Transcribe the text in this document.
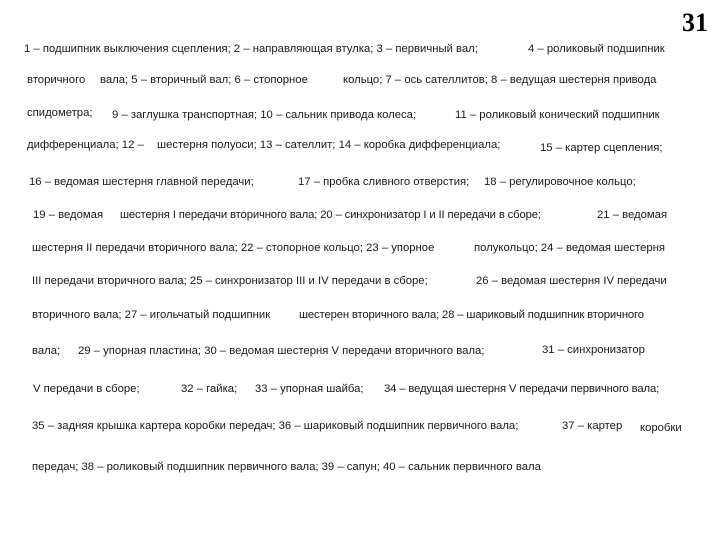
31
1 – подшипник выключения сцепления; 2 – направляющая втулка; 3 – первичный вал;	4 – роликовый подшипник
вторичного вала; 5 – вторичный вал; 6 – стопорное	кольцо; 7 – ось сателлитов; 8 – ведущая шестерня привода
спидометра; 9 – заглушка транспортная; 10 – сальник привода колеса;	11 – роликовый конический подшипник
дифференциала; 12 – шестерня полуоси; 13 – сателлит; 14 – коробка дифференциала;	15 – картер сцепления;
16 – ведомая шестерня главной передачи;	17 – пробка сливного отверстия; 18 – регулировочное кольцо;
19 – ведомая шестерня I передачи вторичного вала; 20 – синхронизатор I и II передачи в сборе;	21 – ведомая
шестерня II передачи вторичного вала; 22 – стопорное кольцо; 23 – упорное	полукольцо; 24 – ведомая шестерня
III передачи вторичного вала; 25 – синхронизатор III и IV передачи в сборе;	26 – ведомая шестерня IV передачи
вторичного вала; 27 – игольчатый подшипник	шестерен вторичного вала; 28 – шариковый подшипник вторичного
вала; 29 – упорная пластина; 30 – ведомая шестерня V передачи вторичного вала;	31 – синхронизатор
V передачи в сборе;	32 – гайка; 33 – упорная шайба; 34 – ведущая шестерня V передачи первичного вала;
35 – задняя крышка картера коробки передач; 36 – шариковый подшипник первичного вала;	37 – картер коробки
передач; 38 – роликовый подшипник первичного вала; 39 – сапун; 40 – сальник первичного вала
